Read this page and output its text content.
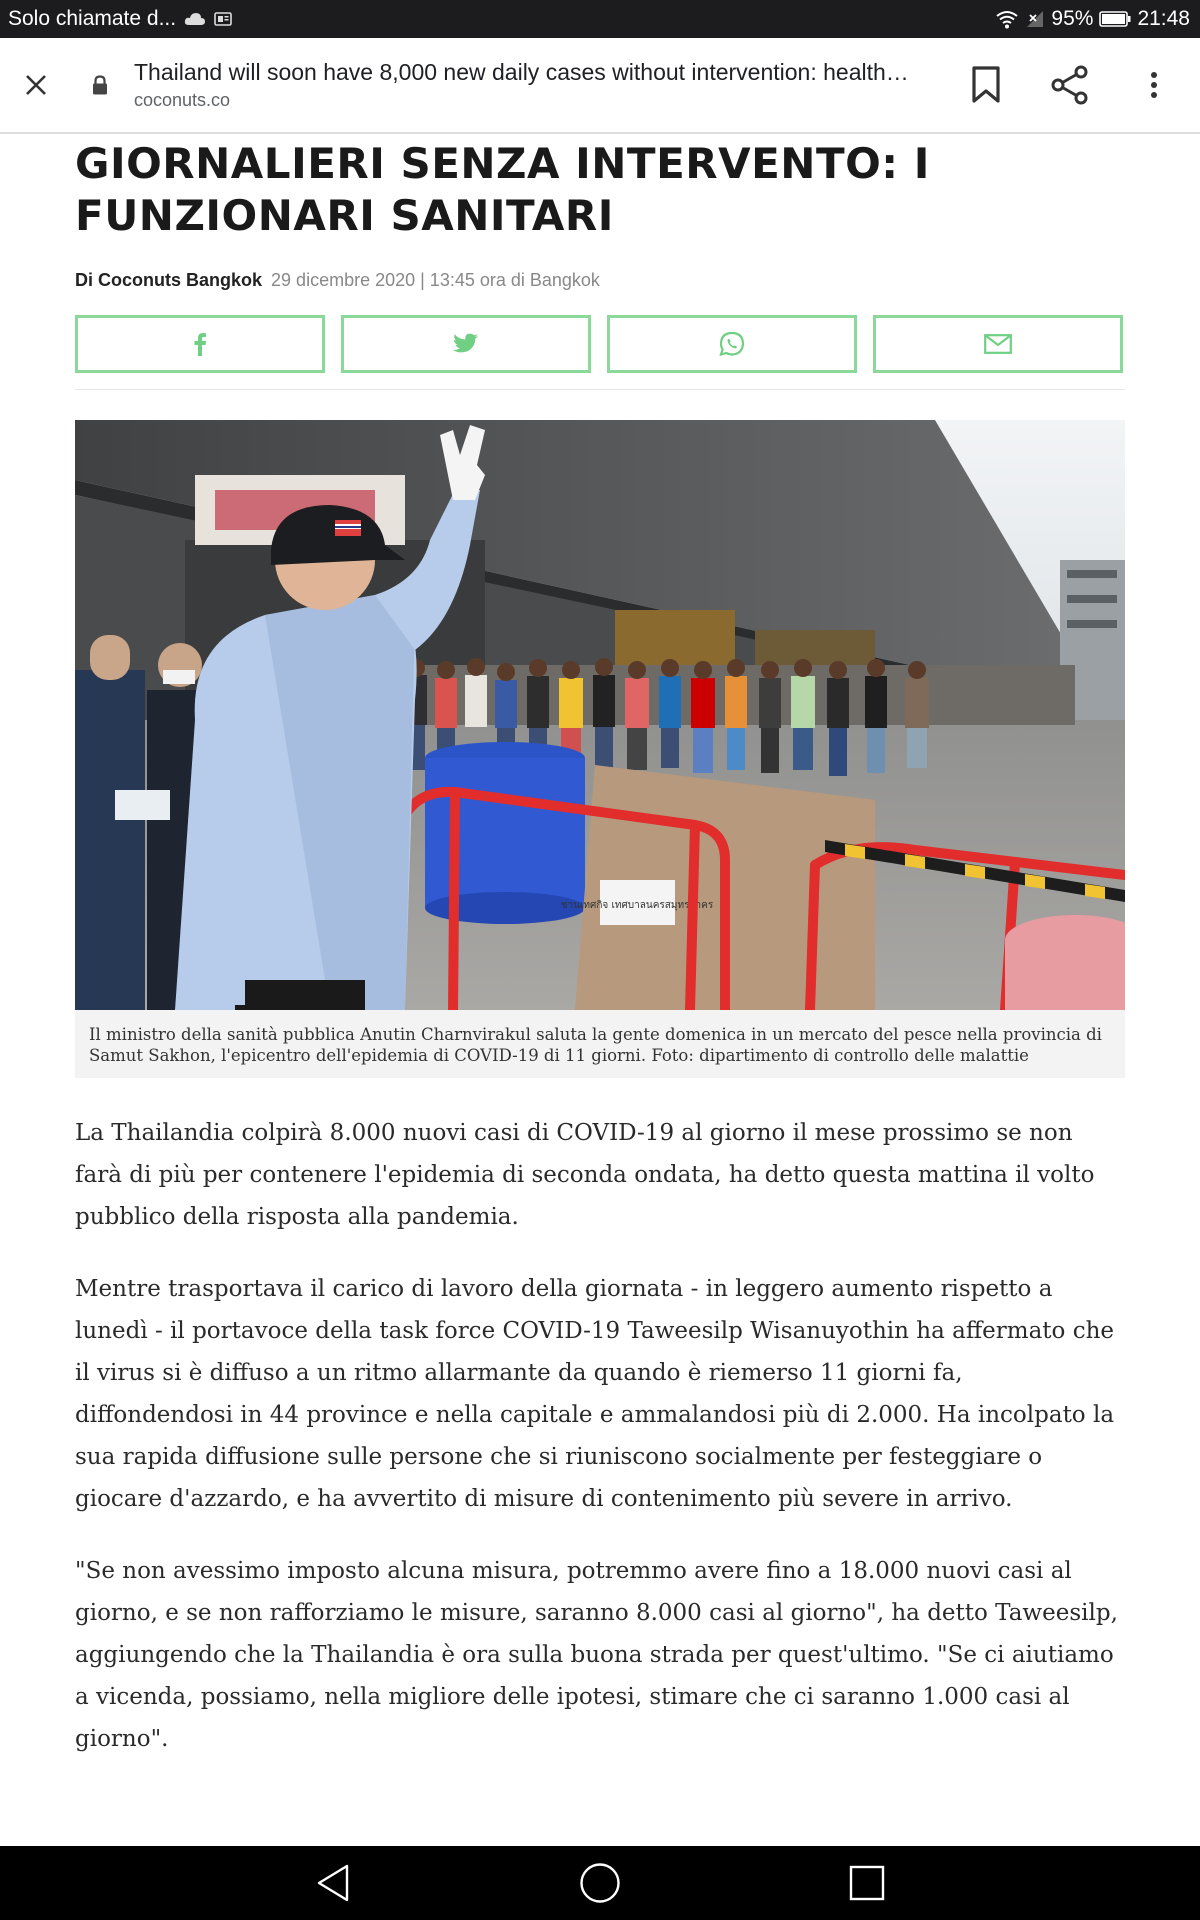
Solo chiamate d...	95% 21:48
Thailand will soon have 8,000 new daily cases without intervention: health…
coconuts.co
GIORNALIERI SENZA INTERVENTO: I FUNZIONARI SANITARI
Di Coconuts Bangkok 29 dicembre 2020 | 13:45 ora di Bangkok
ชานเทศกิจ เทศบาลนครสมุทรสาคร
Il ministro della sanità pubblica Anutin Charnvirakul saluta la gente domenica in un mercato del pesce nella provincia di Samut Sakhon, l'epicentro dell'epidemia di COVID-19 di 11 giorni. Foto: dipartimento di controllo delle malattie

La Thailandia colpirà 8.000 nuovi casi di COVID-19 al giorno il mese prossimo se non farà di più per contenere l'epidemia di seconda ondata, ha detto questa mattina il volto pubblico della risposta alla pandemia.

Mentre trasportava il carico di lavoro della giornata - in leggero aumento rispetto a lunedì - il portavoce della task force COVID-19 Taweesilp Wisanuyothin ha affermato che il virus si è diffuso a un ritmo allarmante da quando è riemerso 11 giorni fa, diffondendosi in 44 province e nella capitale e ammalandosi più di 2.000. Ha incolpato la sua rapida diffusione sulle persone che si riuniscono socialmente per festeggiare o giocare d'azzardo, e ha avvertito di misure di contenimento più severe in arrivo.

"Se non avessimo imposto alcuna misura, potremmo avere fino a 18.000 nuovi casi al giorno, e se non rafforziamo le misure, saranno 8.000 casi al giorno", ha detto Taweesilp, aggiungendo che la Thailandia è ora sulla buona strada per quest'ultimo. "Se ci aiutiamo a vicenda, possiamo, nella migliore delle ipotesi, stimare che ci saranno 1.000 casi al giorno".
